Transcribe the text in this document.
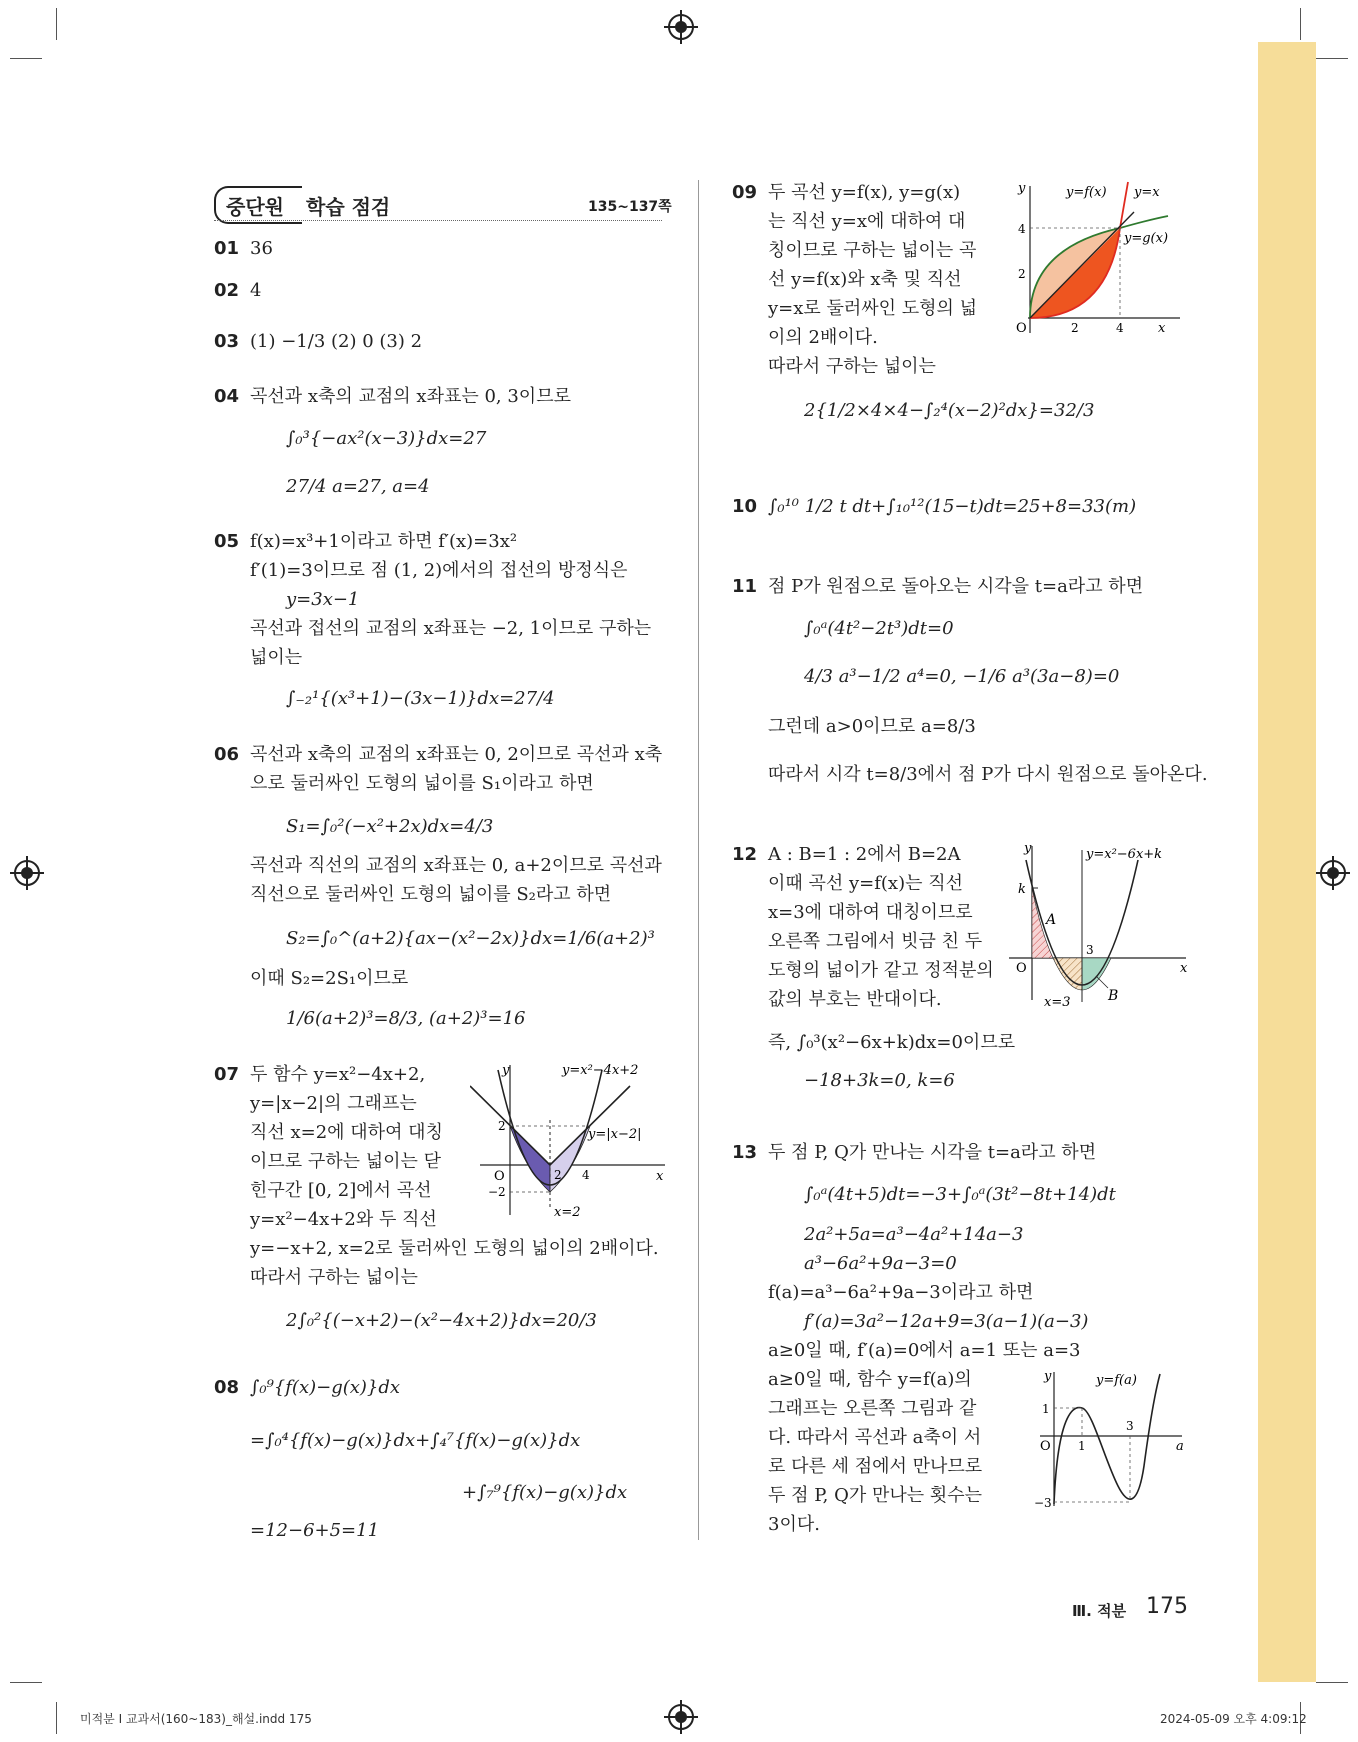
중단원 학습 점검	135~137쪽
01 36
02 4
03 (1) −1/3 (2) 0 (3) 2
04 곡선과 x축의 교점의 x좌표는 0, 3이므로
∫₀³{−ax²(x−3)}dx=27
27/4 a=27, a=4
05 f(x)=x³+1이라고 하면 f′(x)=3x²
f′(1)=3이므로 점 (1, 2)에서의 접선의 방정식은
y=3x−1
곡선과 접선의 교점의 x좌표는 −2, 1이므로 구하는
넓이는
∫₋₂¹{(x³+1)−(3x−1)}dx=27/4
06 곡선과 x축의 교점의 x좌표는 0, 2이므로 곡선과 x축
으로 둘러싸인 도형의 넓이를 S₁이라고 하면
S₁=∫₀²(−x²+2x)dx=4/3
곡선과 직선의 교점의 x좌표는 0, a+2이므로 곡선과
직선으로 둘러싸인 도형의 넓이를 S₂라고 하면
S₂=∫₀^(a+2){ax−(x²−2x)}dx=1/6(a+2)³
이때 S₂=2S₁이므로
1/6(a+2)³=8/3, (a+2)³=16
07 두 함수 y=x²−4x+2,
y=|x−2|의 그래프는
직선 x=2에 대하여 대칭
이므로 구하는 넓이는 닫
힌구간 [0, 2]에서 곡선
y=x²−4x+2와 두 직선
y=−x+2, x=2로 둘러싸인 도형의 넓이의 2배이다.
따라서 구하는 넓이는
2∫₀²{(−x+2)−(x²−4x+2)}dx=20/3
y
x
O	2 4
2
−2
y=x²−4x+2
y=|x−2|
x=2
08 ∫₀⁹{f(x)−g(x)}dx
=∫₀⁴{f(x)−g(x)}dx+∫₄⁷{f(x)−g(x)}dx
+∫₇⁹{f(x)−g(x)}dx
=12−6+5=11
09 두 곡선 y=f(x), y=g(x)
는 직선 y=x에 대하여 대
칭이므로 구하는 넓이는 곡
선 y=f(x)와 x축 및 직선
y=x로 둘러싸인 도형의 넓
이의 2배이다.
따라서 구하는 넓이는
2{1/2×4×4−∫₂⁴(x−2)²dx}=32/3
y
x
O	2	4
2
4
y=f(x) y=x
y=g(x)
10 ∫₀¹⁰ 1/2 t dt+∫₁₀¹²(15−t)dt=25+8=33(m)
11 점 P가 원점으로 돌아오는 시각을 t=a라고 하면
∫₀ᵃ(4t²−2t³)dt=0
4/3 a³−1/2 a⁴=0, −1/6 a³(3a−8)=0
그런데 a>0이므로 a=8/3
따라서 시각 t=8/3에서 점 P가 다시 원점으로 돌아온다.
12 A : B=1 : 2에서 B=2A
이때 곡선 y=f(x)는 직선
x=3에 대하여 대칭이므로
오른쪽 그림에서 빗금 친 두
도형의 넓이가 같고 정적분의
값의 부호는 반대이다.
즉, ∫₀³(x²−6x+k)dx=0이므로
−18+3k=0, k=6
y
x
O
k
A
B
3
x=3
y=x²−6x+k
13 두 점 P, Q가 만나는 시각을 t=a라고 하면
∫₀ᵃ(4t+5)dt=−3+∫₀ᵃ(3t²−8t+14)dt
2a²+5a=a³−4a²+14a−3
a³−6a²+9a−3=0
f(a)=a³−6a²+9a−3이라고 하면
f′(a)=3a²−12a+9=3(a−1)(a−3)
a≥0일 때, f′(a)=0에서 a=1 또는 a=3
a≥0일 때, 함수 y=f(a)의
그래프는 오른쪽 그림과 같
다. 따라서 곡선과 a축이 서
로 다른 세 점에서 만나므로
두 점 P, Q가 만나는 횟수는
3이다.
y
a
O 1
3
1
−3
y=f(a)
Ⅲ. 적분 175
미적분 Ⅰ 교과서(160~183)_해설.indd 175	2024-05-09 오후 4:09:12
